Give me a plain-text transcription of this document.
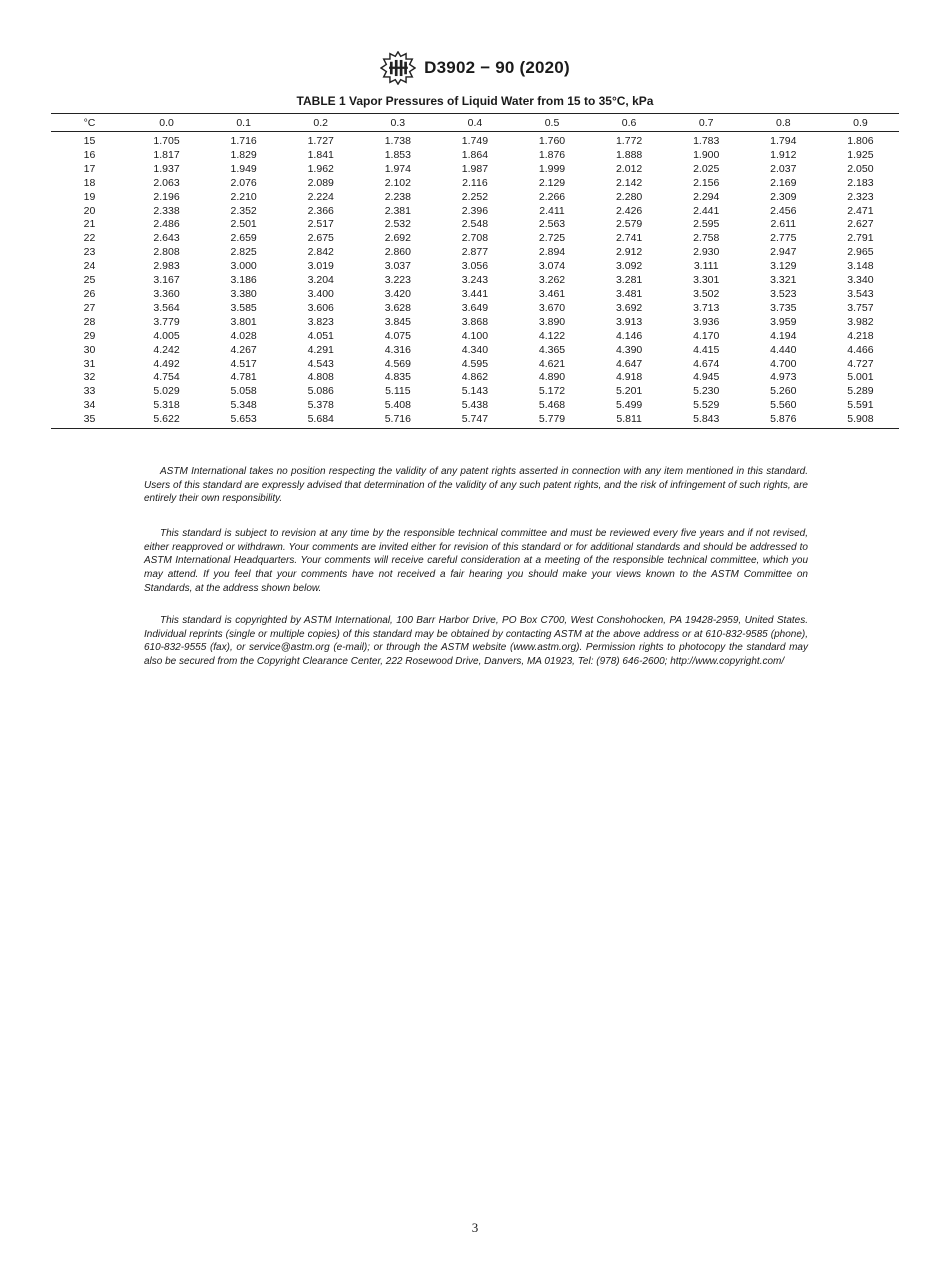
D3902 − 90 (2020)
TABLE 1 Vapor Pressures of Liquid Water from 15 to 35°C, kPa
°C	0.0	0.1	0.2	0.3	0.4	0.5	0.6	0.7	0.8	0.9
15	1.705	1.716	1.727	1.738	1.749	1.760	1.772	1.783	1.794	1.806
16	1.817	1.829	1.841	1.853	1.864	1.876	1.888	1.900	1.912	1.925
17	1.937	1.949	1.962	1.974	1.987	1.999	2.012	2.025	2.037	2.050
18	2.063	2.076	2.089	2.102	2.116	2.129	2.142	2.156	2.169	2.183
19	2.196	2.210	2.224	2.238	2.252	2.266	2.280	2.294	2.309	2.323
20	2.338	2.352	2.366	2.381	2.396	2.411	2.426	2.441	2.456	2.471
21	2.486	2.501	2.517	2.532	2.548	2.563	2.579	2.595	2.611	2.627
22	2.643	2.659	2.675	2.692	2.708	2.725	2.741	2.758	2.775	2.791
23	2.808	2.825	2.842	2.860	2.877	2.894	2.912	2.930	2.947	2.965
24	2.983	3.000	3.019	3.037	3.056	3.074	3.092	3.111	3.129	3.148
25	3.167	3.186	3.204	3.223	3.243	3.262	3.281	3.301	3.321	3.340
26	3.360	3.380	3.400	3.420	3.441	3.461	3.481	3.502	3.523	3.543
27	3.564	3.585	3.606	3.628	3.649	3.670	3.692	3.713	3.735	3.757
28	3.779	3.801	3.823	3.845	3.868	3.890	3.913	3.936	3.959	3.982
29	4.005	4.028	4.051	4.075	4.100	4.122	4.146	4.170	4.194	4.218
30	4.242	4.267	4.291	4.316	4.340	4.365	4.390	4.415	4.440	4.466
31	4.492	4.517	4.543	4.569	4.595	4.621	4.647	4.674	4.700	4.727
32	4.754	4.781	4.808	4.835	4.862	4.890	4.918	4.945	4.973	5.001
33	5.029	5.058	5.086	5.115	5.143	5.172	5.201	5.230	5.260	5.289
34	5.318	5.348	5.378	5.408	5.438	5.468	5.499	5.529	5.560	5.591
35	5.622	5.653	5.684	5.716	5.747	5.779	5.811	5.843	5.876	5.908

ASTM International takes no position respecting the validity of any patent rights asserted in connection with any item mentioned in this standard. Users of this standard are expressly advised that determination of the validity of any such patent rights, and the risk of infringement of such rights, are entirely their own responsibility.

This standard is subject to revision at any time by the responsible technical committee and must be reviewed every five years and if not revised, either reapproved or withdrawn. Your comments are invited either for revision of this standard or for additional standards and should be addressed to ASTM International Headquarters. Your comments will receive careful consideration at a meeting of the responsible technical committee, which you may attend. If you feel that your comments have not received a fair hearing you should make your views known to the ASTM Committee on Standards, at the address shown below.

This standard is copyrighted by ASTM International, 100 Barr Harbor Drive, PO Box C700, West Conshohocken, PA 19428-2959, United States. Individual reprints (single or multiple copies) of this standard may be obtained by contacting ASTM at the above address or at 610-832-9585 (phone), 610-832-9555 (fax), or service@astm.org (e-mail); or through the ASTM website (www.astm.org). Permission rights to photocopy the standard may also be secured from the Copyright Clearance Center, 222 Rosewood Drive, Danvers, MA 01923, Tel: (978) 646-2600; http://www.copyright.com/

3
